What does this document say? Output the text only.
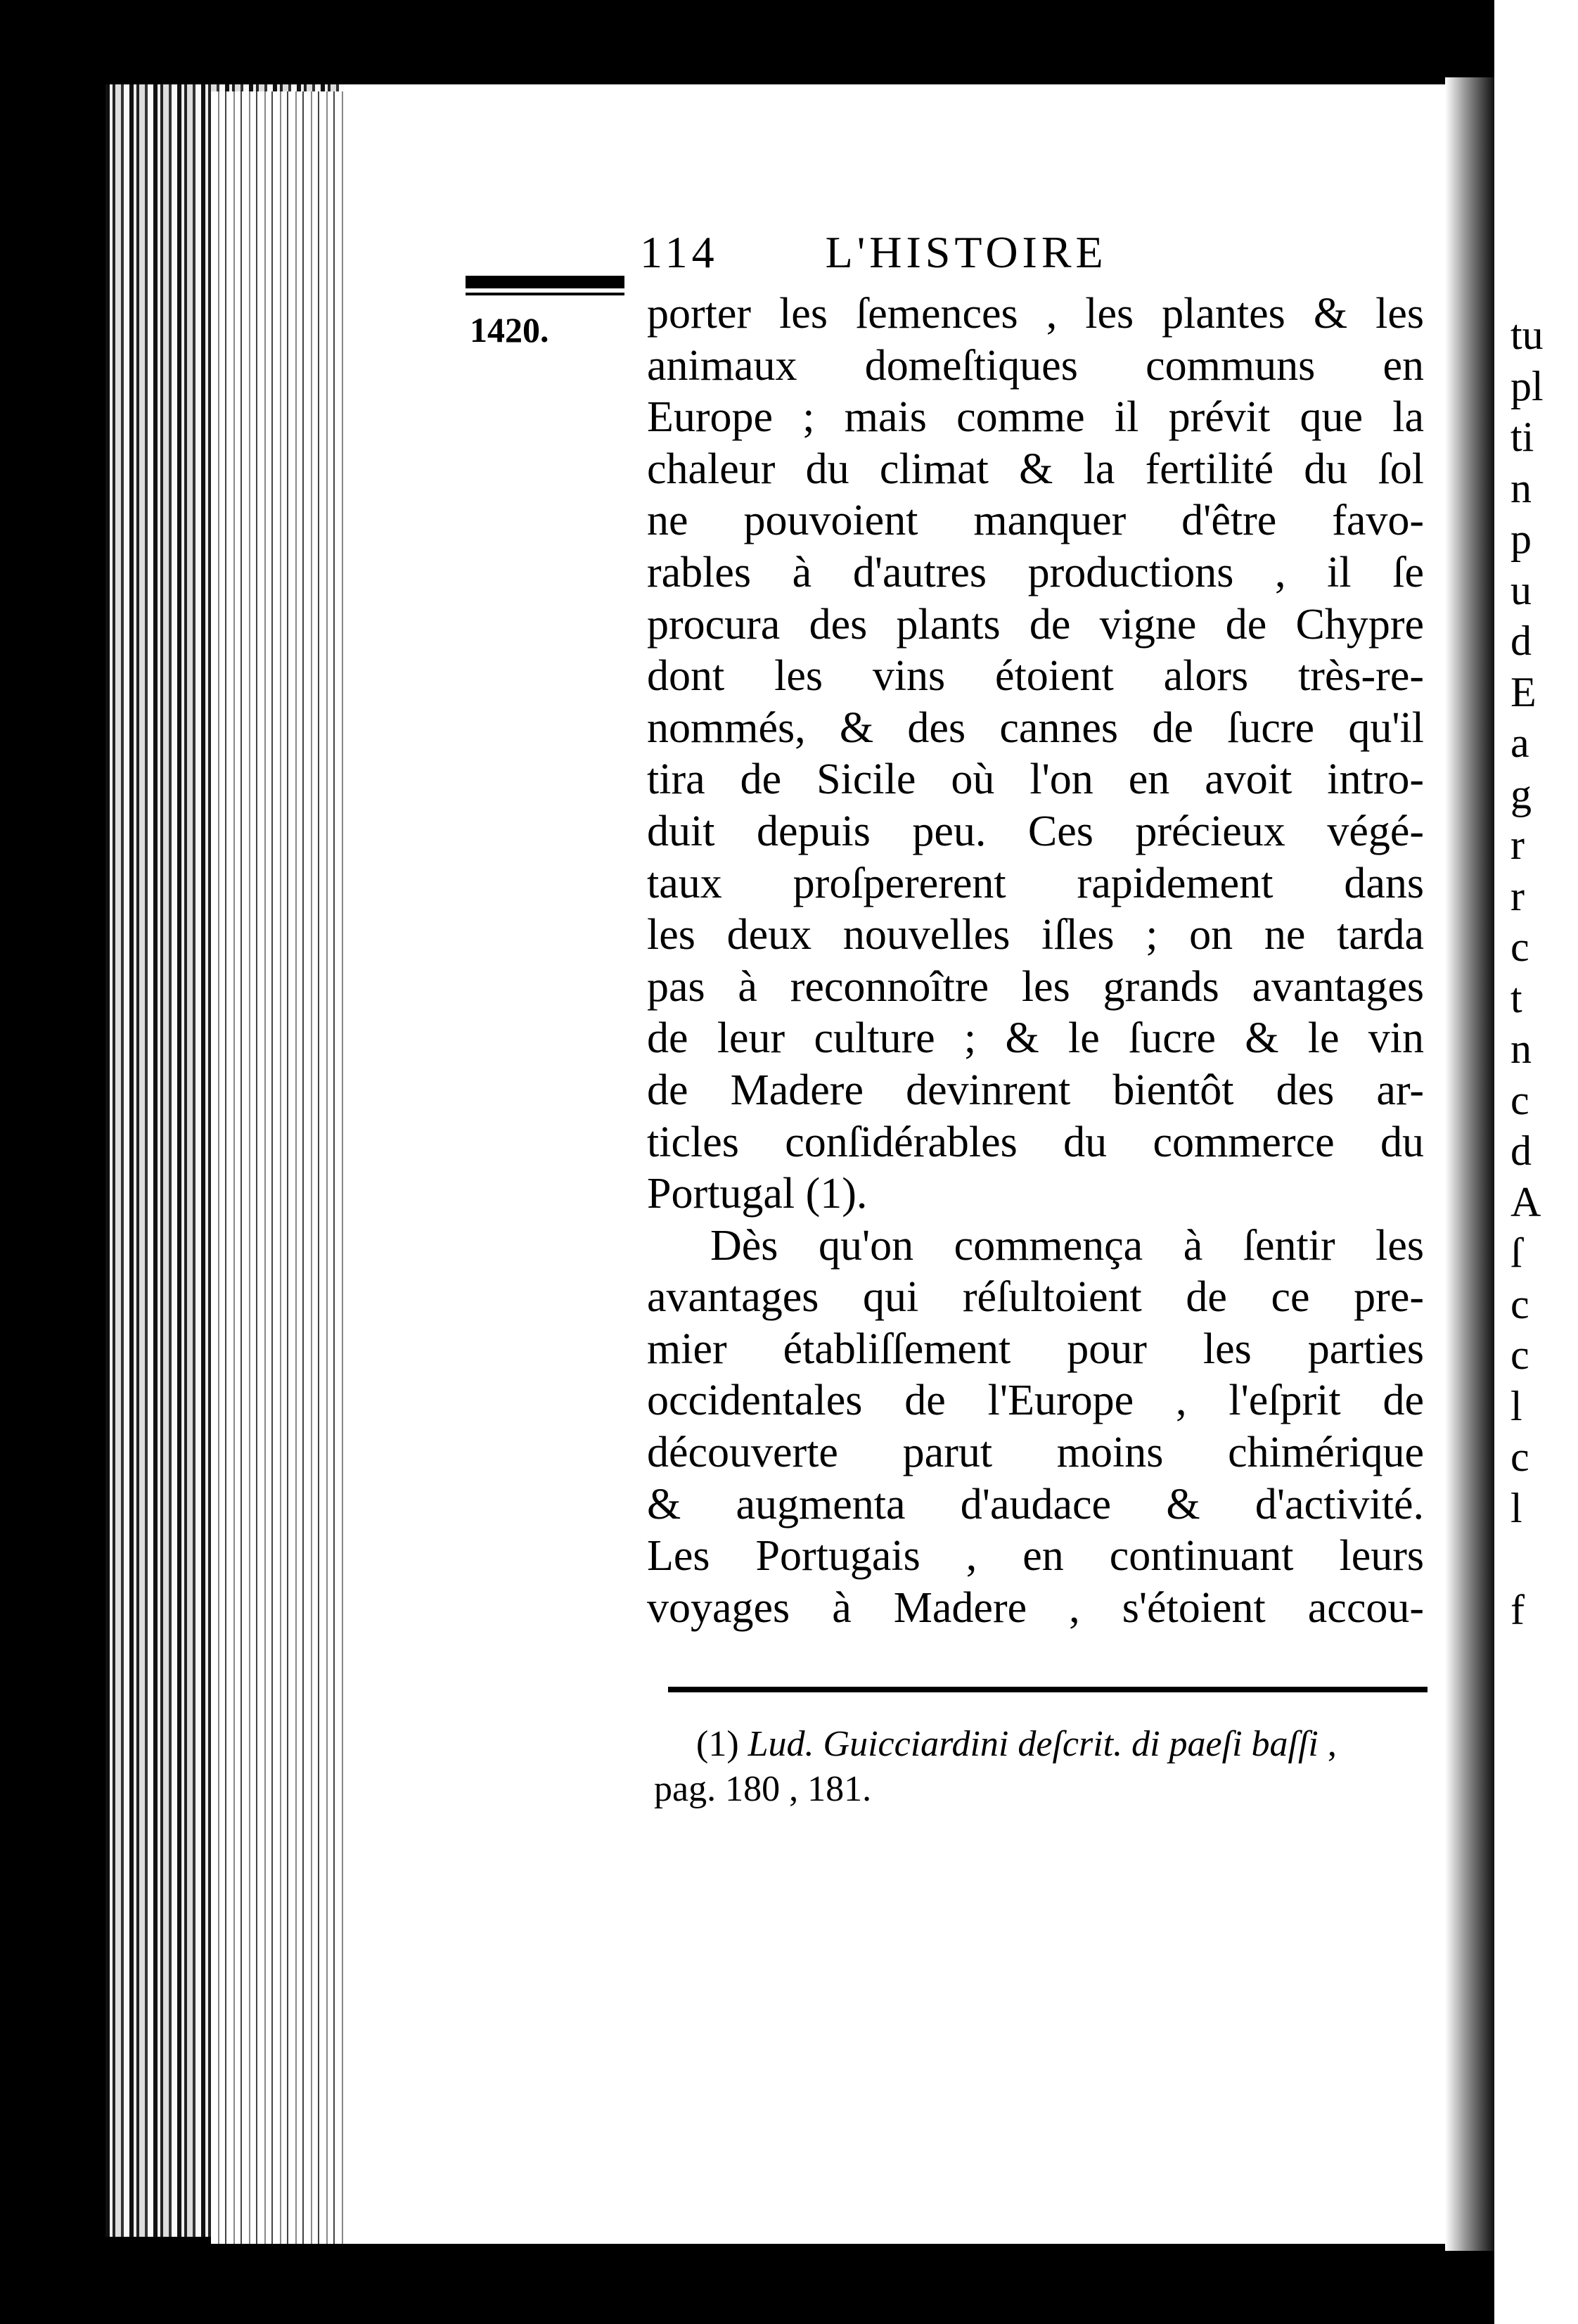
tu
pl
ti
n
p
u
d
E
a
g
r
r
c
t
n
c
d
A
ſ
c
c
l
c
l

f
114 L'HISTOIRE
1420. porter les ſemences , les plantes & les
animaux domeſtiques communs en
Europe ; mais comme il prévit que la
chaleur du climat & la fertilité du ſol
ne pouvoient manquer d'être favo-
rables à d'autres productions , il ſe
procura des plants de vigne de Chypre
dont les vins étoient alors très-re-
nommés, & des cannes de ſucre qu'il
tira de Sicile où l'on en avoit intro-
duit depuis peu. Ces précieux végé-
taux proſpererent rapidement dans
les deux nouvelles iſles ; on ne tarda
pas à reconnoître les grands avantages
de leur culture ; & le ſucre & le vin
de Madere devinrent bientôt des ar-
ticles conſidérables du commerce du
Portugal (1).
Dès qu'on commença à ſentir les
avantages qui réſultoient de ce pre-
mier établiſſement pour les parties
occidentales de l'Europe , l'eſprit de
découverte parut moins chimérique
& augmenta d'audace & d'activité.
Les Portugais , en continuant leurs
voyages à Madere , s'étoient accou-
(1) Lud. Guicciardini deſcrit. di paeſi baſſi ,
pag. 180 , 181.
